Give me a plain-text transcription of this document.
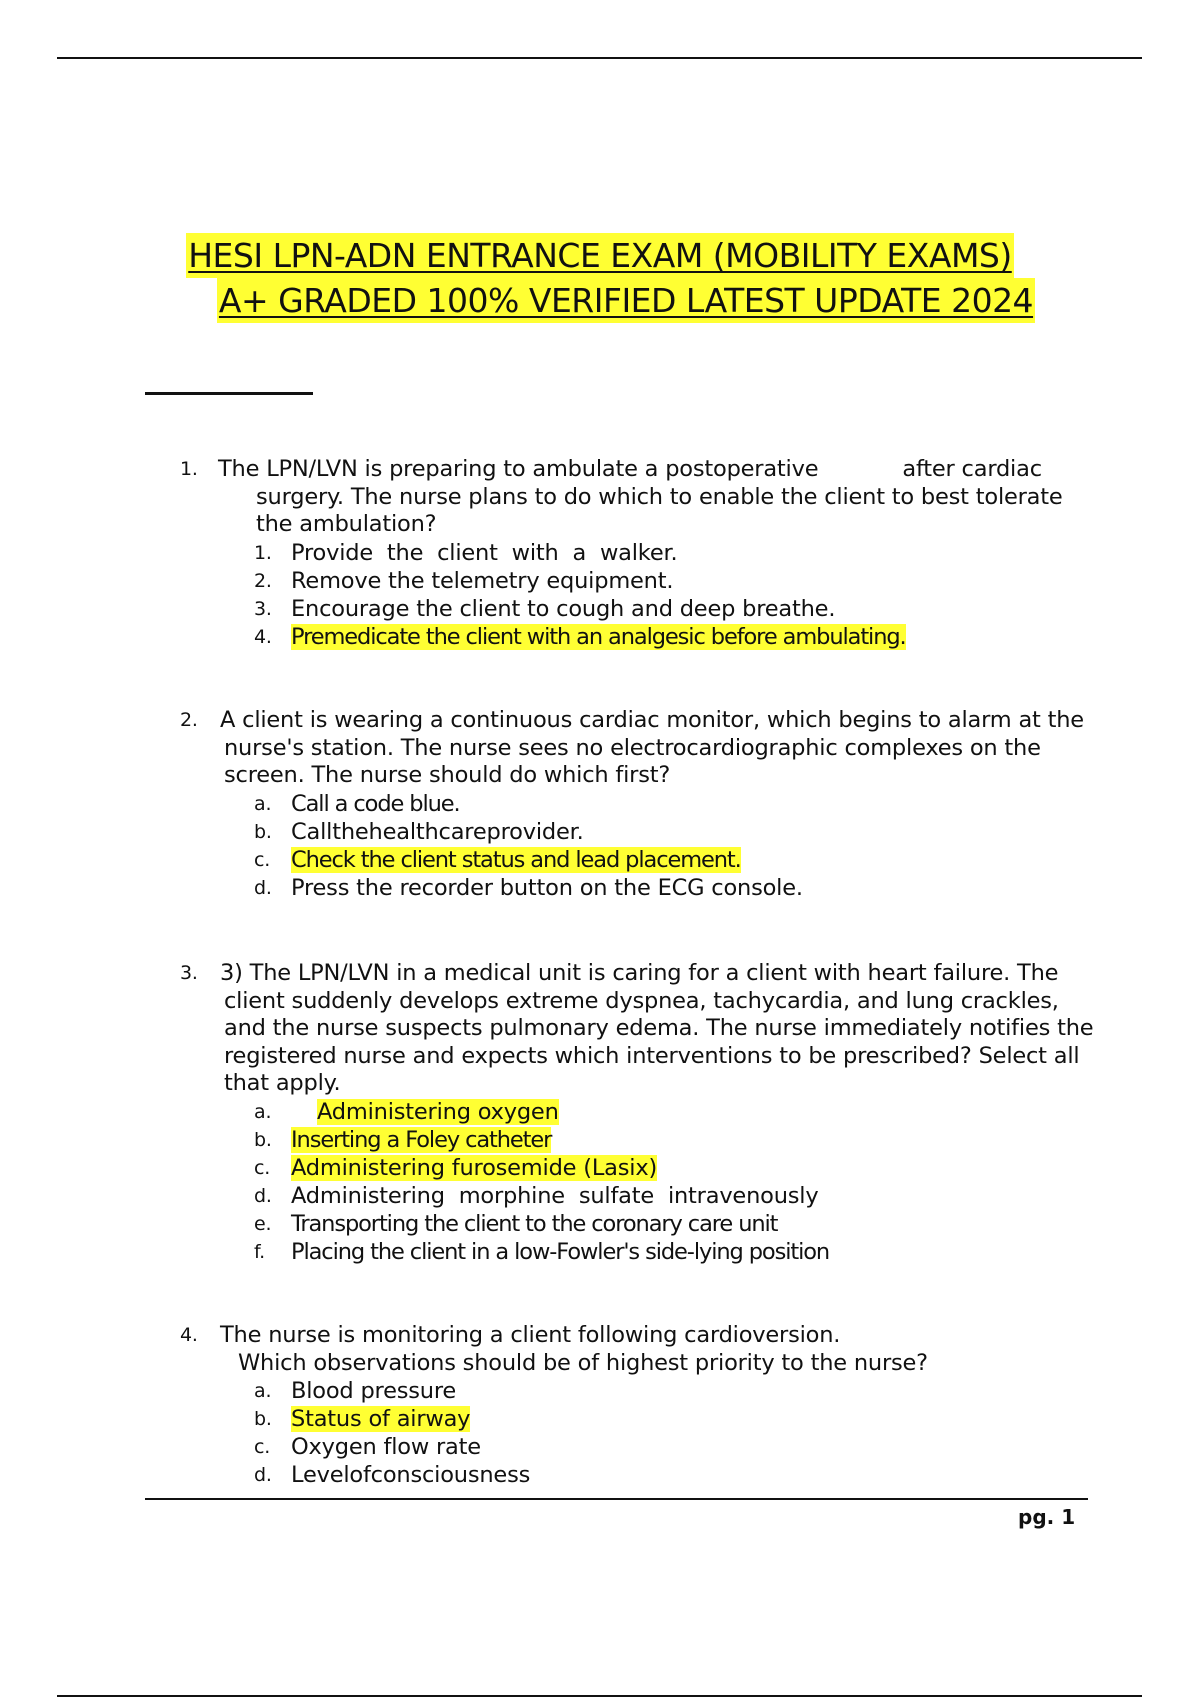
HESI LPN-ADN ENTRANCE EXAM (MOBILITY EXAMS)
A+ GRADED 100% VERIFIED LATEST UPDATE 2024
1. The LPN/LVN is preparing to ambulate a postoperative	after cardiac surgery. The nurse plans to do which to enable the client to best tolerate the ambulation?
1. Provide  the  client  with  a  walker.
2. Remove the telemetry equipment.
3. Encourage the client to cough and deep breathe.
4. Premedicate the client with an analgesic before ambulating.
2. A client is wearing a continuous cardiac monitor, which begins to alarm at the nurse's station. The nurse sees no electrocardiographic complexes on the screen. The nurse should do which first?
a. Call a code blue.
b. Callthehealthcareprovider.
c. Check the client status and lead placement.
d. Press the recorder button on the ECG console.
3. 3) The LPN/LVN in a medical unit is caring for a client with heart failure. The client suddenly develops extreme dyspnea, tachycardia, and lung crackles, and the nurse suspects pulmonary edema. The nurse immediately notifies the registered nurse and expects which interventions to be prescribed? Select all that apply.
a. Administering oxygen
b. Inserting a Foley catheter
c. Administering furosemide (Lasix)
d. Administering  morphine  sulfate  intravenously
e. Transporting the client to the coronary care unit
f. Placing the client in a low-Fowler's side-lying position
4. The nurse is monitoring a client following cardioversion.
Which observations should be of highest priority to the nurse?
a. Blood pressure
b. Status of airway
c. Oxygen flow rate
d. Levelofconsciousness
pg. 1
